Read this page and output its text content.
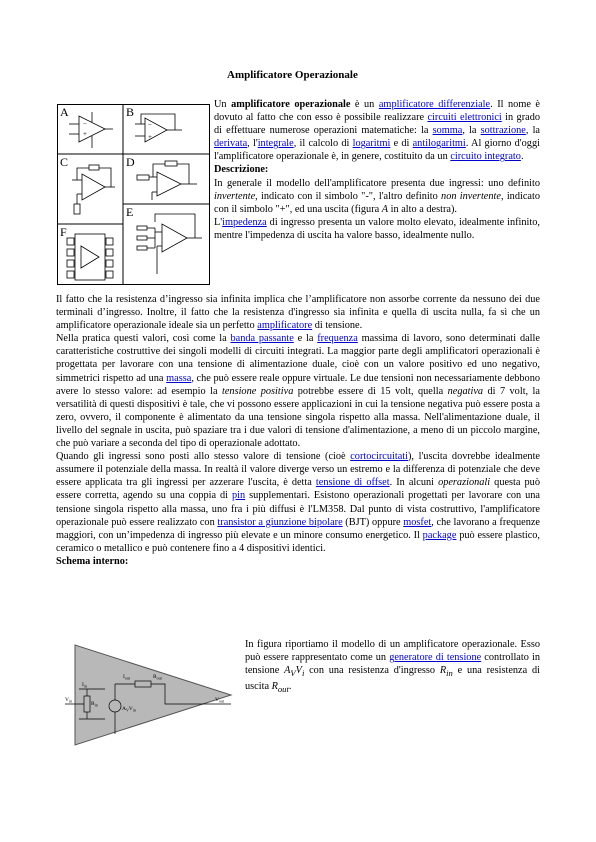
Amplificatore Operazionale
A	B
C	D
E
F
−
+
−
+

Un amplificatore operazionale è un amplificatore differenziale. Il nome è dovuto al fatto che con esso è possibile realizzare circuiti elettronici in grado di effettuare numerose operazioni matematiche: la somma, la sottrazione, la derivata, l'integrale, il calcolo di logaritmi e di antilogaritmi. Al giorno d'oggi l'amplificatore operazionale è, in genere, costituito da un circuito integrato.

Descrizione:

In generale il modello dell'amplificatore presenta due ingressi: uno definito invertente, indicato con il simbolo "-", l'altro definito non invertente, indicato con il simbolo "+", ed una uscita (figura A in alto a destra).

L'impedenza di ingresso presenta un valore molto elevato, idealmente infinito, mentre l'impedenza di uscita ha valore basso, idealmente nullo.

Il fatto che la resistenza d’ingresso sia infinita implica che l’amplificatore non assorbe corrente da nessuno dei due terminali d’ingresso. Inoltre, il fatto che la resistenza d'ingresso sia infinita e quella di uscita nulla, fa sì che un amplificatore operazionale ideale sia un perfetto amplificatore di tensione.

Nella pratica questi valori, così come la banda passante e la frequenza massima di lavoro, sono determinati dalle caratteristiche costruttive dei singoli modelli di circuiti integrati. La maggior parte degli amplificatori operazionali è progettata per lavorare con una tensione di alimentazione duale, cioè con un valore positivo ed uno negativo, simmetrici rispetto ad una massa, che può essere reale oppure virtuale. Le due tensioni non necessariamente debbono avere lo stesso valore: ad esempio la tensione positiva potrebbe essere di 15 volt, quella negativa di 7 volt, la versatilità di questi dispositivi è tale, che vi possono essere applicazioni in cui la tensione negativa può essere posta a zero, ovvero, il componente è alimentato da una tensione singola rispetto alla massa. Nell'alimentazione duale, il livello del segnale in uscita, può spaziare tra i due valori di tensione d'alimentazione, a meno di un piccolo margine, che può variare a seconda del tipo di operazionale adottato.

Quando gli ingressi sono posti allo stesso valore di tensione (cioè cortocircuitati), l'uscita dovrebbe idealmente assumere il potenziale della massa. In realtà il valore diverge verso un estremo e la differenza di potenziale che deve essere applicata tra gli ingressi per azzerare l'uscita, è detta tensione di offset. In alcuni operazionali questa può essere corretta, agendo su una coppia di pin supplementari. Esistono operazionali progettati per lavorare con una tensione singola rispetto alla massa, uno fra i più diffusi è l'LM358. Dal punto di vista costruttivo, l'amplificatore operazionale può essere realizzato con transistor a giunzione bipolare (BJT) oppure mosfet, che lavorano a frequenze maggiori, con un’impedenza di ingresso più elevate e un minore consumo energetico. Il package può essere plastico, ceramico o metallico e può contenere fino a 4 dispositivi identici.

Schema interno:

$I_{in}$
$I_{out}$	$R_{out}$
$R_{in}$
$A_VV_{in}$
$V_{in}$	$V_{out}$

In figura riportiamo il modello di un amplificatore operazionale. Esso può essere rappresentato come un generatore di tensione controllato in tensione $A_VV_i$ con una resistenza d'ingresso $R_{in}$ e una resistenza di uscita $R_{out}$.
